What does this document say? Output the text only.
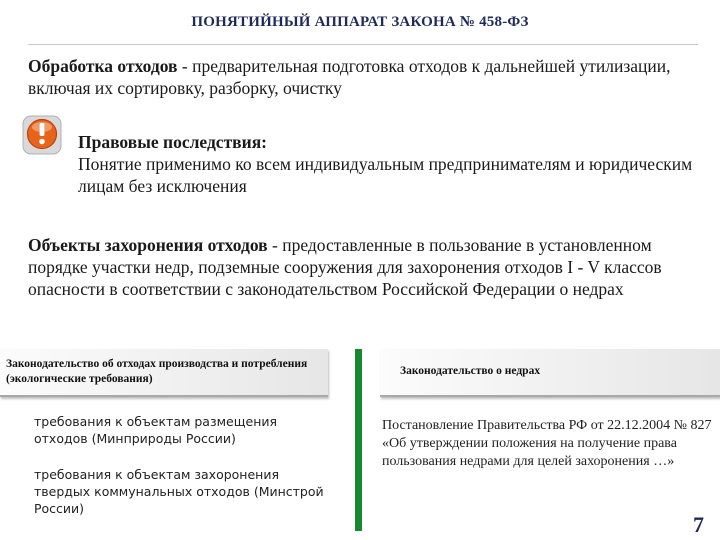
ПОНЯТИЙНЫЙ АППАРАТ ЗАКОНА № 458-ФЗ
Обработка отходов - предварительная подготовка отходов к дальнейшей утилизации, включая их сортировку, разборку, очистку
Правовые последствия:
Понятие применимо ко всем индивидуальным предпринимателям и юридическим лицам без исключения
Объекты захоронения отходов - предоставленные в пользование в установленном порядке участки недр, подземные сооружения для захоронения отходов I - V классов опасности в соответствии с законодательством Российской Федерации о недрах
Законодательство об отходах производства и потребления (экологические требования)
Законодательство о недрах
требования к объектам размещения отходов (Минприроды России)
требования к объектам захоронения твердых коммунальных отходов (Минстрой России)
Постановление Правительства РФ от 22.12.2004 № 827 «Об утверждении положения на получение права пользования недрами для целей захоронения …»
7
